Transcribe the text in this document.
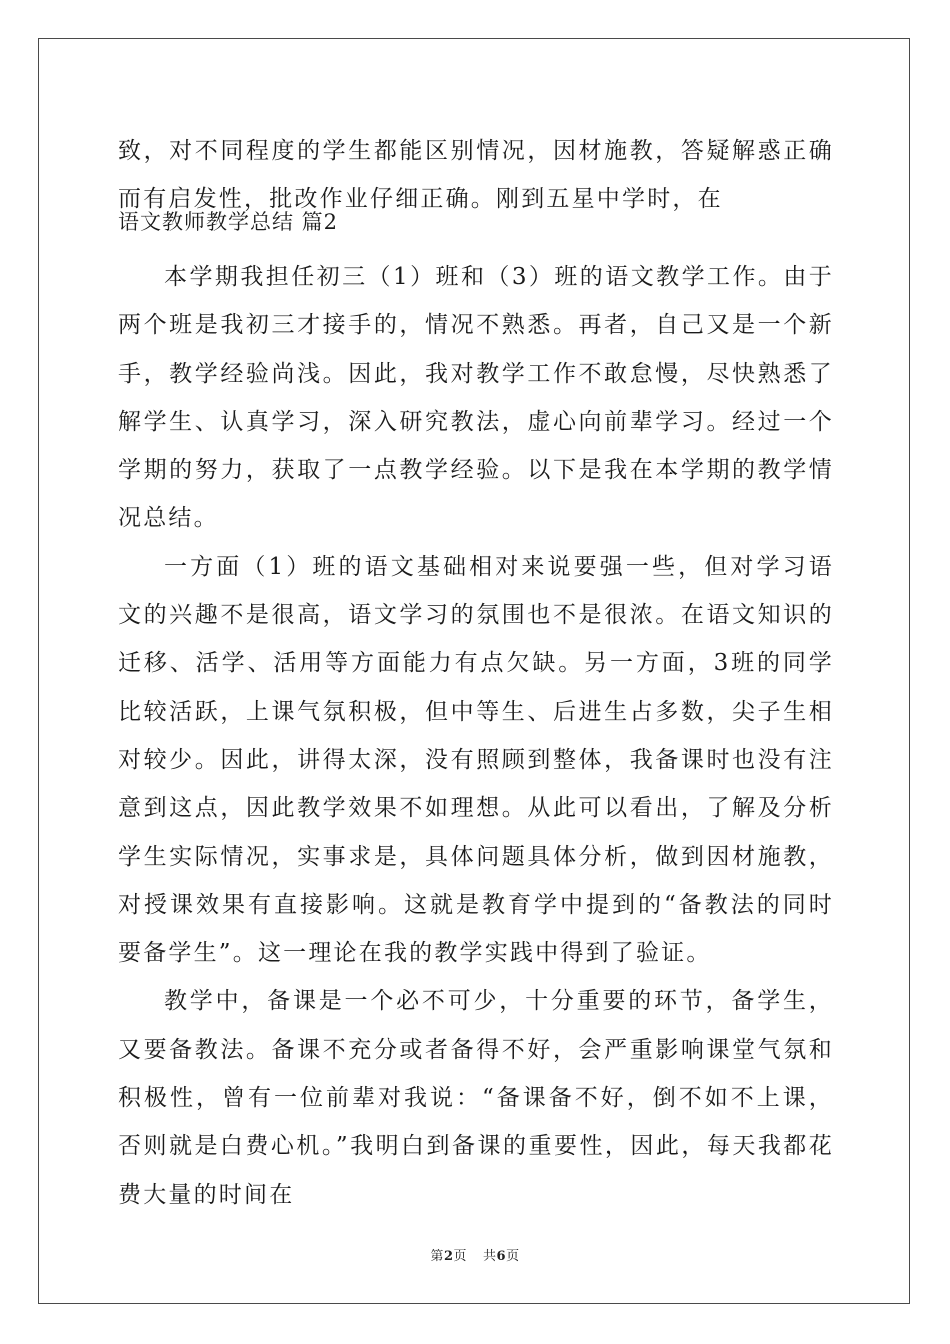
致，对不同程度的学生都能区别情况，因材施教，答疑解惑正确而有启发性，批改作业仔细正确。刚到五星中学时，在

语文教师教学总结 篇2

本学期我担任初三（1）班和（3）班的语文教学工作。由于两个班是我初三才接手的，情况不熟悉。再者，自己又是一个新手，教学经验尚浅。因此，我对教学工作不敢怠慢，尽快熟悉了解学生、认真学习，深入研究教法，虚心向前辈学习。经过一个学期的努力，获取了一点教学经验。以下是我在本学期的教学情况总结。

一方面（1）班的语文基础相对来说要强一些，但对学习语文的兴趣不是很高，语文学习的氛围也不是很浓。在语文知识的迁移、活学、活用等方面能力有点欠缺。另一方面，3班的同学比较活跃，上课气氛积极，但中等生、后进生占多数，尖子生相对较少。因此，讲得太深，没有照顾到整体，我备课时也没有注意到这点，因此教学效果不如理想。从此可以看出，了解及分析学生实际情况，实事求是，具体问题具体分析，做到因材施教，对授课效果有直接影响。这就是教育学中提到的“备教法的同时要备学生”。这一理论在我的教学实践中得到了验证。

教学中，备课是一个必不可少，十分重要的环节，备学生，又要备教法。备课不充分或者备得不好，会严重影响课堂气氛和积极性，曾有一位前辈对我说：“备课备不好，倒不如不上课，否则就是白费心机。”我明白到备课的重要性，因此，每天我都花费大量的时间在

第2页 共6页
